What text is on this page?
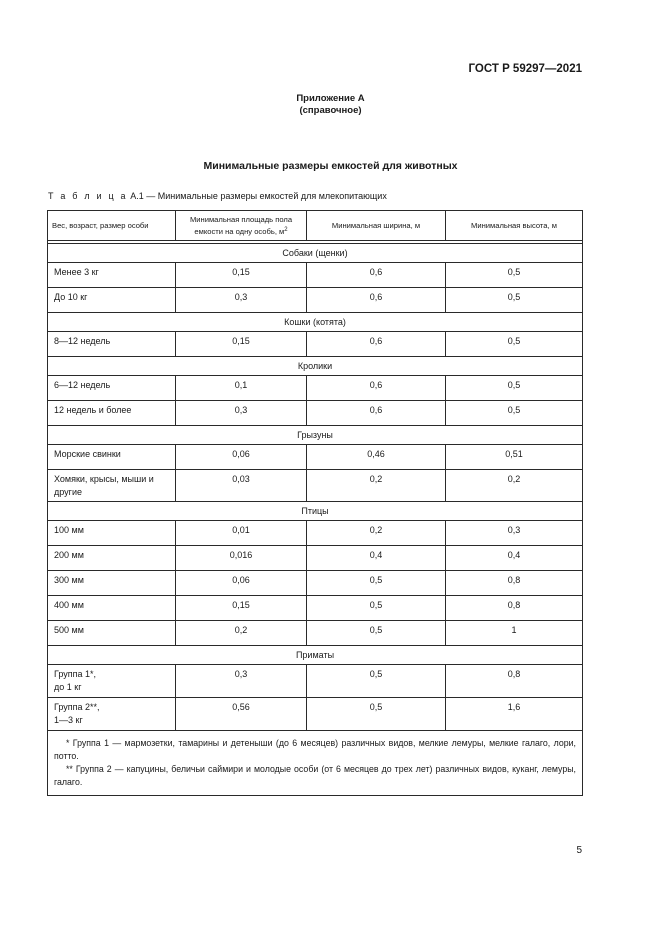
ГОСТ Р 59297—2021
Приложение А
(справочное)
Минимальные размеры емкостей для животных
Т а б л и ц а А.1 — Минимальные размеры емкостей для млекопитающих
Вес, возраст, размер особи	Минимальная площадь пола емкости на одну особь, $м^2$	Минимальная ширина, м	Минимальная высота, м

Собаки (щенки)			

Менее 3 кг	0,15	0,6	0,5

До 10 кг	0,3	0,6	0,5
Кошки (котята)			

8—12 недель	0,15	0,6	0,5
Кролики			

6—12 недель	0,1	0,6	0,5

12 недель и более	0,3	0,6	0,5
Грызуны			

Морские свинки	0,06	0,46	0,51

Хомяки, крысы, мыши и другие	0,03	0,2	0,2
Птицы			

100 мм	0,01	0,2	0,3

200 мм	0,016	0,4	0,4

300 мм	0,06	0,5	0,8

400 мм	0,15	0,5	0,8

500 мм	0,2	0,5	1
Приматы			

Группа 1*,
до 1 кг	0,3	0,5	0,8

Группа 2**,
1—3 кг	0,56	0,5	1,6

* Группа 1 — мармозетки, тамарины и детеныши (до 6 месяцев) различных видов, мелкие лемуры, мелкие галаго, лори, потто.

** Группа 2 — капуцины, беличьи саймири и молодые особи (от 6 месяцев до трех лет) различных видов, куканг, лемуры, галаго.			

5
